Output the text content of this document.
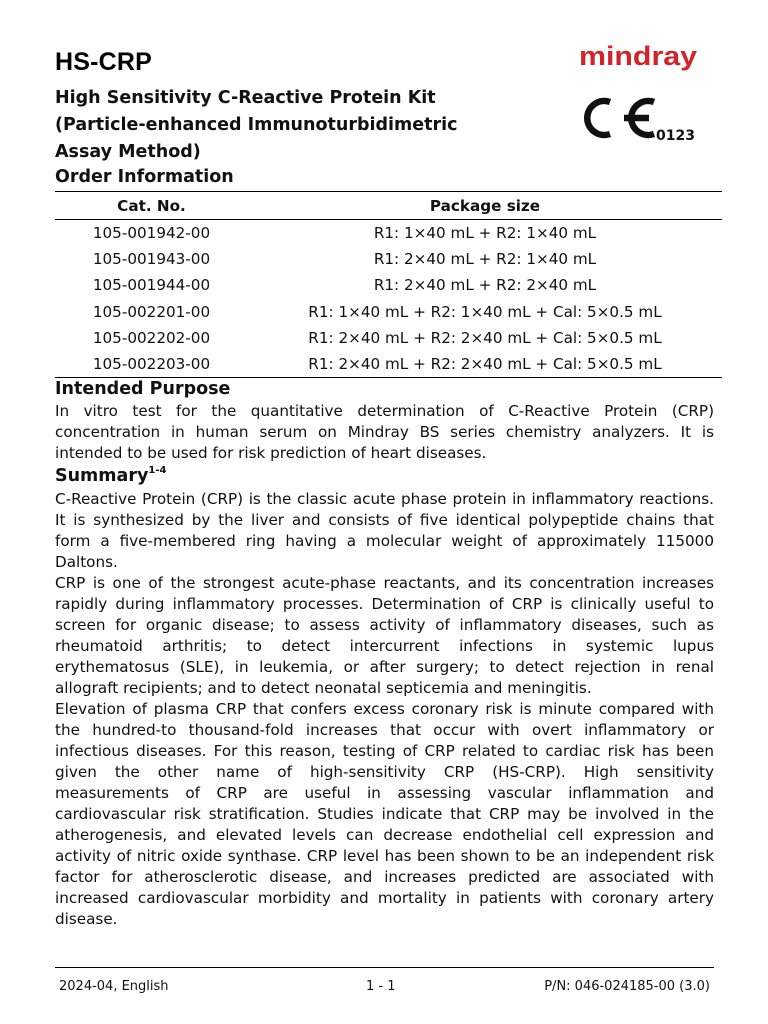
HS-CRP	mindray
High Sensitivity C-Reactive Protein Kit
(Particle-enhanced Immunoturbidimetric
Assay Method)
0123
Order Information
Cat. No.	Package size
105-001942-00	R1: 1×40 mL + R2: 1×40 mL
105-001943-00	R1: 2×40 mL + R2: 1×40 mL
105-001944-00	R1: 2×40 mL + R2: 2×40 mL
105-002201-00	R1: 1×40 mL + R2: 1×40 mL + Cal: 5×0.5 mL
105-002202-00	R1: 2×40 mL + R2: 2×40 mL + Cal: 5×0.5 mL
105-002203-00	R1: 2×40 mL + R2: 2×40 mL + Cal: 5×0.5 mL
Intended Purpose

In vitro test for the quantitative determination of C-Reactive Protein (CRP) concentration in human serum on Mindray BS series chemistry analyzers. It is intended to be used for risk prediction of heart diseases.

Summary$^{1-4}$

C-Reactive Protein (CRP) is the classic acute phase protein in inflammatory reactions. It is synthesized by the liver and consists of five identical polypeptide chains that form a five-membered ring having a molecular weight of approximately 115000 Daltons.

CRP is one of the strongest acute-phase reactants, and its concentration increases rapidly during inflammatory processes. Determination of CRP is clinically useful to screen for organic disease; to assess activity of inflammatory diseases, such as rheumatoid arthritis; to detect intercurrent infections in systemic lupus erythematosus (SLE), in leukemia, or after surgery; to detect rejection in renal allograft recipients; and to detect neonatal septicemia and meningitis.

Elevation of plasma CRP that confers excess coronary risk is minute compared with the hundred-to thousand-fold increases that occur with overt inflammatory or infectious diseases. For this reason, testing of CRP related to cardiac risk has been given the other name of high-sensitivity CRP (HS-CRP). High sensitivity measurements of CRP are useful in assessing vascular inflammation and cardiovascular risk stratification. Studies indicate that CRP may be involved in the atherogenesis, and elevated levels can decrease endothelial cell expression and activity of nitric oxide synthase. CRP level has been shown to be an independent risk factor for atherosclerotic disease, and increases predicted are associated with increased cardiovascular morbidity and mortality in patients with coronary artery disease.

2024-04, English	1 - 1	P/N: 046-024185-00 (3.0)
